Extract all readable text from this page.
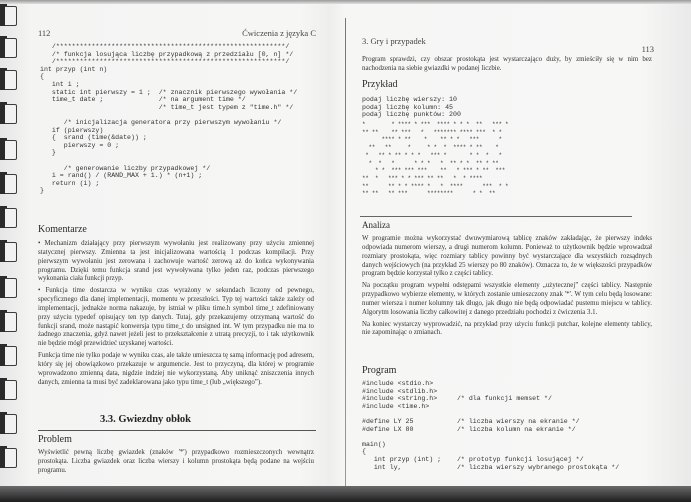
112	Ćwiczenia z języka C
/**********************************************************/
/* funkcja losująca liczbę przypadkową z przedziału [0, n] */
/**********************************************************/
int przyp (int n)
{
int i ;
static int pierwszy = 1 ;  /* znacznik pierwszego wywołania */
time_t date ;              /* na argument time */
/* time_t jest typem z "time.h" */

/* inicjalizacja generatora przy pierwszym wywołaniu */
if (pierwszy)
{  srand (time(&date)) ;
pierwszy = 0 ;
}

/* generowanie liczby przypadkowej */
i = rand() / (RAND_MAX + 1.) * (n+1) ;
return (i) ;
}
Komentarze

• Mechanizm działający przy pierwszym wywołaniu jest realizowany przy użyciu zmiennej statycznej pierwszy. Zmienna ta jest inicjalizowana wartością 1 podczas kompilacji. Przy pierwszym wywołaniu jest zerowana i zachowuje wartość zerową aż do końca wykonywania programu. Dzięki temu funkcja srand jest wywoływana tylko jeden raz, podczas pierwszego wykonania ciała funkcji przyp.

• Funkcja time dostarcza w wyniku czas wyrażony w sekundach liczony od pewnego, specyficznego dla danej implementacji, momentu w przeszłości. Typ tej wartości także zależy od implementacji, jednakże norma nakazuje, by istniał w pliku time.h symbol time_t zdefiniowany przy użyciu typedef opisujący ten typ danych. Tutaj, gdy przekazujemy otrzymaną wartość do funkcji srand, może nastąpić konwersja typu time_t do unsigned int. W tym przypadku nie ma to żadnego znaczenia, gdyż nawet jeżeli jest to przekształcenie z utratą precyzji, to i tak użytkownik nie będzie mógł przewidzieć uzyskanej wartości.

Funkcja time nie tylko podaje w wyniku czas, ale także umieszcza tę samą informację pod adresem, który się jej obowiązkowo przekazuje w argumencie. Jest to przyczyną, dla której w programie wprowadzono zmienną data, nigdzie indziej nie wykorzystaną. Aby uniknąć zniszczenia innych danych, zmienna ta musi być zadeklarowana jako typu time_t (lub „większego”).

3.3. Gwiezdny obłok
Problem
Wyświetlić pewną liczbę gwiazdek (znaków '*') przypadkowo rozmieszczonych wewnątrz prostokąta. Liczba gwiazdek oraz liczba wierszy i kolumn prostokąta będą podane na wejściu programu.
3. Gry i przypadek
113
Program sprawdzi, czy obszar prostokąta jest wystarczająco duży, by zmieściły się w nim bez nachodzenia na siebie gwiazdki w podanej liczbie.
Przykład
podaj liczbę wierszy: 10
podaj liczbę kolumn: 45
podaj liczbę punktów: 200
*        * **** * ***  **** * * *  **   *** *
** **    ** ***   *   ******* **** ***  * *
**** * **    *    ** * *   ***      *
**   **     *     * *  *  **** * **    *
*   ** * ** * * *   *** *       * *  *   *
*  *   *      * * *   *  ** * *  ** * **
* *  *** *** ***    **   * *** * **  ***
**  *   *** * * *** ** **   *  * ****
**      ** * * **** *   *  ****      ***  * *
** **   ** ***      ********      * *  **
Analiza

W programie można wykorzystać dwuwymiarową tablicę znaków zakładając, że pierwszy indeks odpowiada numerom wierszy, a drugi numerom kolumn. Ponieważ to użytkownik będzie wprowadzał rozmiary prostokąta, więc rozmiary tablicy powinny być wystarczające dla wszystkich rozsądnych danych wejściowych (na przykład 25 wierszy po 80 znaków). Oznacza to, że w większości przypadków program będzie korzystał tylko z części tablicy.

Na początku program wypełni odstępami wszystkie elementy „użytecznej” części tablicy. Następnie przypadkowo wybierze elementy, w których zostanie umieszczony znak '*'. W tym celu będą losowane: numer wiersza i numer kolumny tak długo, jak długo nie będą odpowiadać pustemu miejscu w tablicy. Algorytm losowania liczby całkowitej z danego przedziału pochodzi z ćwiczenia 3.1.

Na koniec wystarczy wyprowadzić, na przykład przy użyciu funkcji putchar, kolejne elementy tablicy, nie zapominając o zmianach.

Program
#include <stdio.h>
#include <stdlib.h>
#include <string.h>     /* dla funkcji memset */
#include <time.h>

#define LY 25           /* liczba wierszy na ekranie */
#define LX 80           /* liczba kolumn na ekranie */

main()
{
int przyp (int) ;    /* prototyp funkcji losującej */
int ly,              /* liczba wierszy wybranego prostokąta */
